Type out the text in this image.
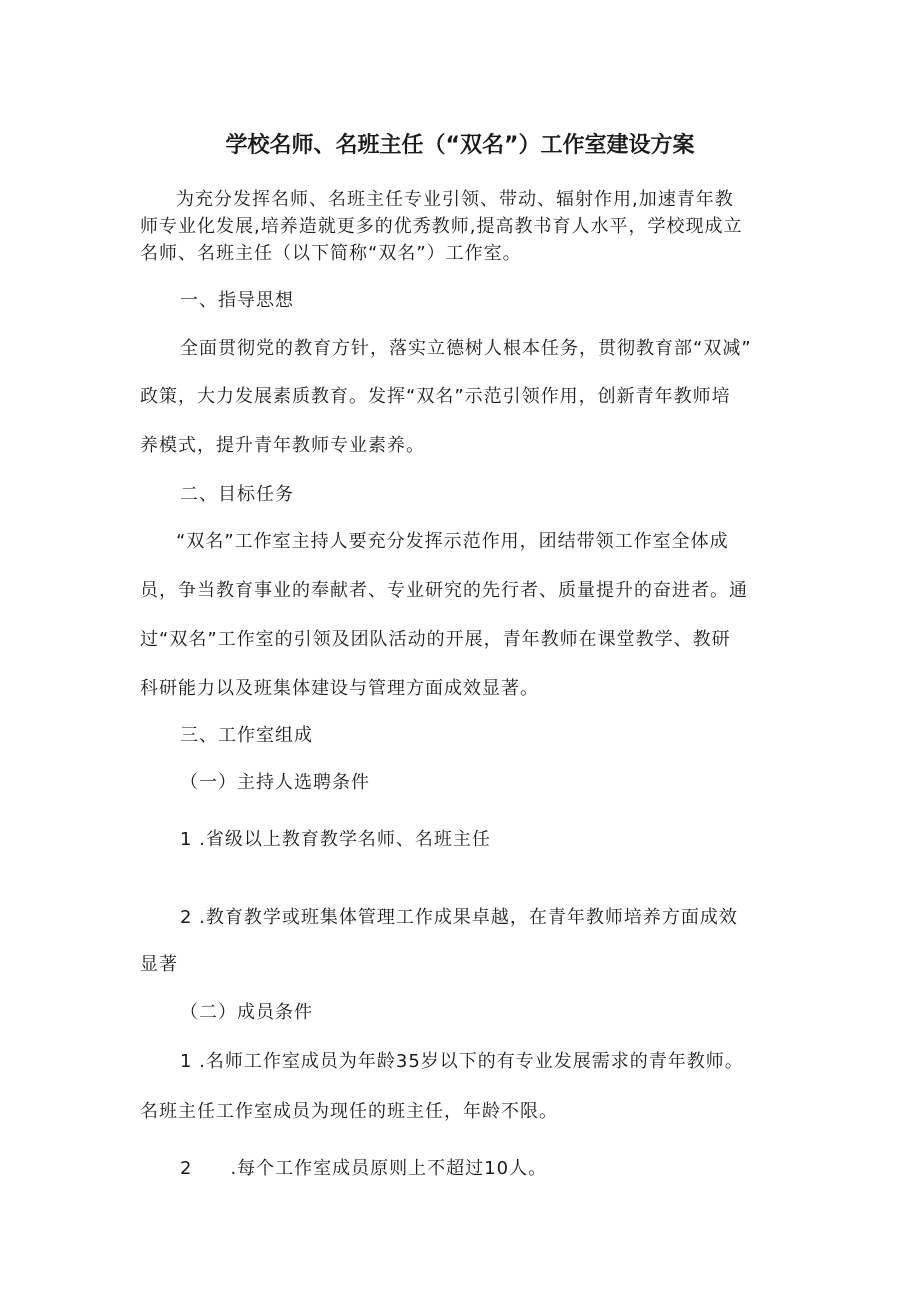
学校名师、名班主任（“双名”）工作室建设方案
为充分发挥名师、名班主任专业引领、带动、辐射作用,加速青年教
师专业化发展,培养造就更多的优秀教师,提高教书育人水平，学校现成立
名师、名班主任（以下简称“双名”）工作室。
一、指导思想
全面贯彻党的教育方针，落实立德树人根本任务，贯彻教育部“双减”
政策，大力发展素质教育。发挥“双名”示范引领作用，创新青年教师培
养模式，提升青年教师专业素养。
二、目标任务
“双名”工作室主持人要充分发挥示范作用，团结带领工作室全体成
员，争当教育事业的奉献者、专业研究的先行者、质量提升的奋进者。通
过“双名”工作室的引领及团队活动的开展，青年教师在课堂教学、教研
科研能力以及班集体建设与管理方面成效显著。
三、工作室组成
（一）主持人选聘条件
1 .省级以上教育教学名师、名班主任
2 .教育教学或班集体管理工作成果卓越，在青年教师培养方面成效
显著
（二）成员条件
1 .名师工作室成员为年龄35岁以下的有专业发展需求的青年教师。
名班主任工作室成员为现任的班主任，年龄不限。
2　　.每个工作室成员原则上不超过10人。
